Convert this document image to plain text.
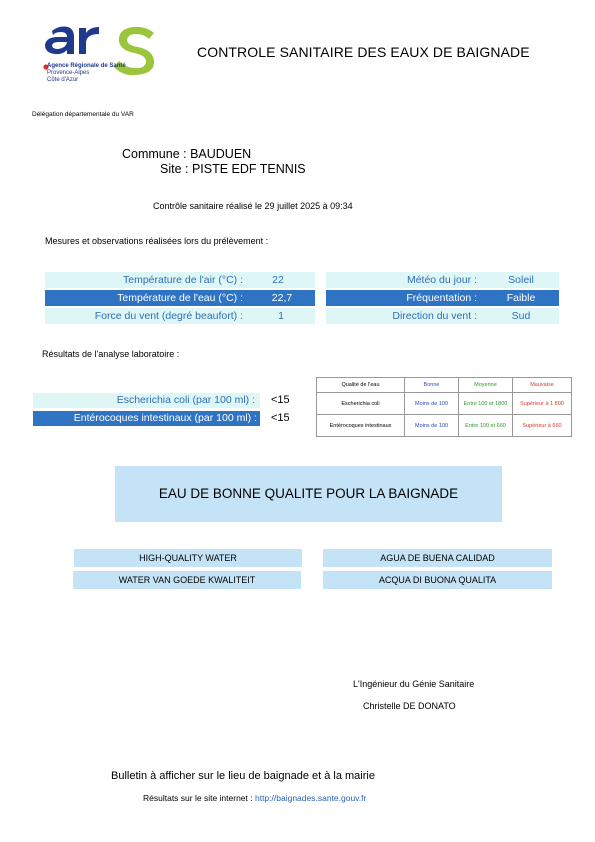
Agence Régionale de Santé
Provence-Alpes
Côte d'Azur
CONTROLE SANITAIRE DES EAUX DE BAIGNADE
Délégation départementale du VAR
Commune : BAUDUEN
Site : PISTE EDF TENNIS
Contrôle sanitaire réalisé le 29 juillet 2025 à 09:34
Mesures et observations réalisées lors du prélèvement :
Température de l'air (°C) :	22	Météo du jour :	Soleil
Température de l'eau (°C) :	22,7	Fréquentation :	Faible
Force du vent (degré beaufort) :	1	Direction du vent :	Sud
Résultats de l'analyse laboratoire :
Escherichia coli (par 100 ml) : <15
Entérocoques intestinaux (par 100 ml) : <15
Qualité de l'eau	Bonne	Moyenne	Mauvaise
Escherichia coli	Moins de 100	Entre 100 et 1800	Supérieur à 1 800
Entérocoques intestinaux	Moins de 100	Entre 100 et 660	Supérieur à 660
EAU DE BONNE QUALITE POUR LA BAIGNADE
HIGH-QUALITY WATER	AGUA DE BUENA CALIDAD
WATER VAN GOEDE KWALITEIT	ACQUA DI BUONA QUALITA
L'Ingénieur du Génie Sanitaire
Christelle DE DONATO
Bulletin à afficher sur le lieu de baignade et à la mairie
Résultats sur le site internet : http://baignades.sante.gouv.fr
